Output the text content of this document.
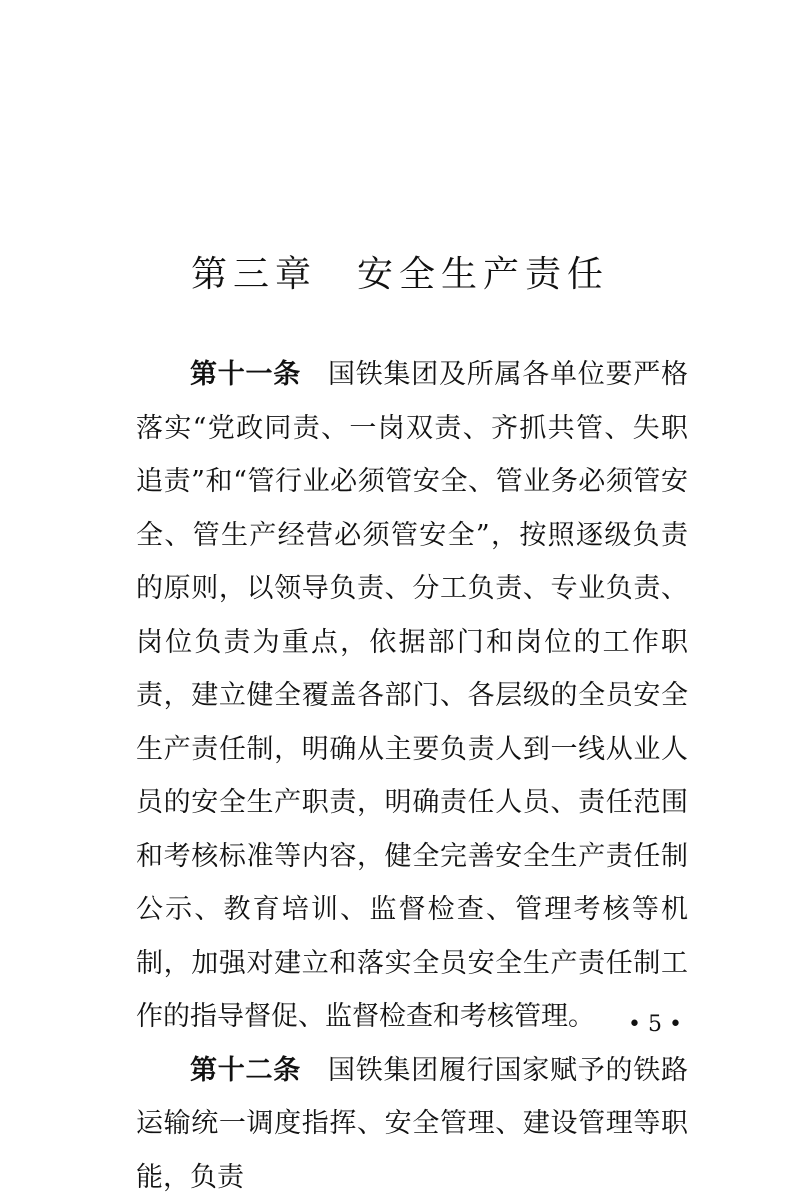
第三章 安全生产责任

第十一条 国铁集团及所属各单位要严格落实“党政同责、一岗双责、齐抓共管、失职追责”和“管行业必须管安全、管业务必须管安全、管生产经营必须管安全”，按照逐级负责的原则，以领导负责、分工负责、专业负责、岗位负责为重点，依据部门和岗位的工作职责，建立健全覆盖各部门、各层级的全员安全生产责任制，明确从主要负责人到一线从业人员的安全生产职责，明确责任人员、责任范围和考核标准等内容，健全完善安全生产责任制公示、教育培训、监督检查、管理考核等机制，加强对建立和落实全员安全生产责任制工作的指导督促、监督检查和考核管理。

第十二条 国铁集团履行国家赋予的铁路运输统一调度指挥、安全管理、建设管理等职能，负责

• 5 •
